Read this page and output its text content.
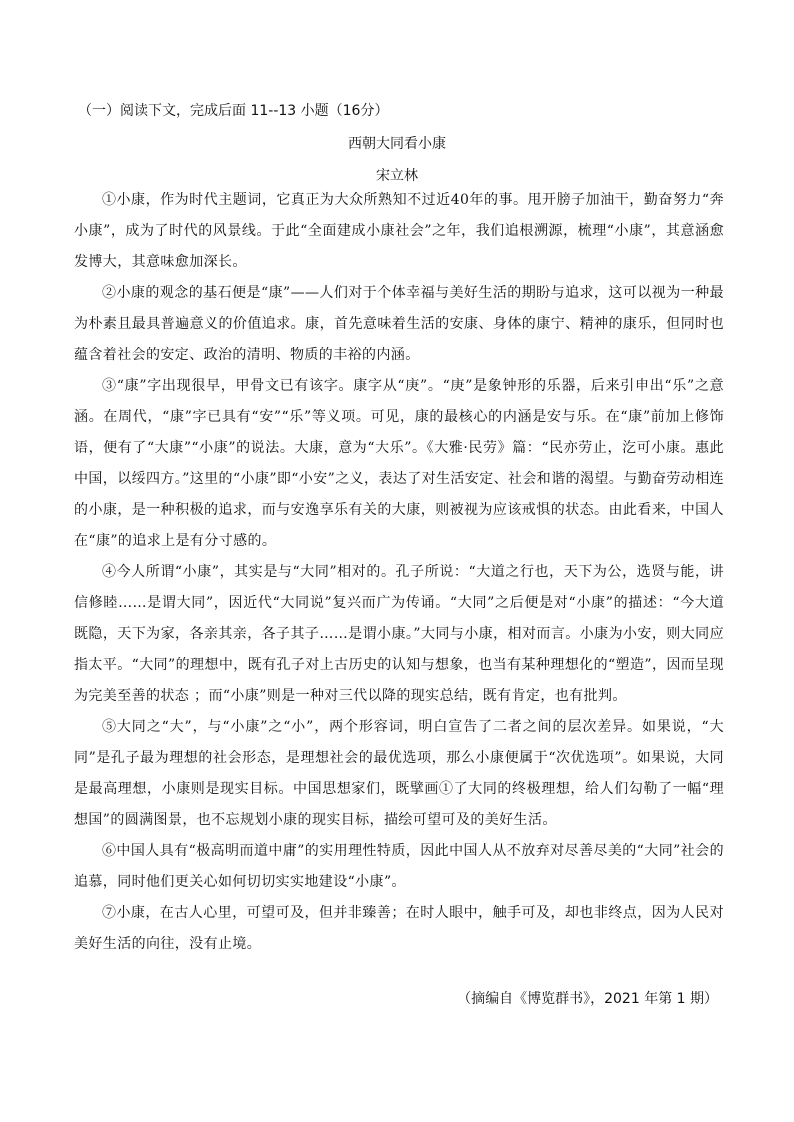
（一）阅读下文，完成后面 11--13 小题（16分）
西朝大同看小康
宋立林

①小康，作为时代主题词，它真正为大众所熟知不过近40年的事。甩开膀子加油干，勤奋努力“奔小康”，成为了时代的风景线。于此“全面建成小康社会”之年，我们追根溯源，梳理“小康”，其意涵愈发博大，其意味愈加深长。

②小康的观念的基石便是“康”——人们对于个体幸福与美好生活的期盼与追求，这可以视为一种最为朴素且最具普遍意义的价值追求。康，首先意味着生活的安康、身体的康宁、精神的康乐，但同时也蕴含着社会的安定、政治的清明、物质的丰裕的内涵。

③“康”字出现很早，甲骨文已有该字。康字从“庚”。“庚”是象钟形的乐器，后来引申出“乐”之意涵。在周代，“康”字已具有“安”“乐”等义项。可见，康的最核心的内涵是安与乐。在“康”前加上修饰语，便有了“大康”“小康”的说法。大康，意为“大乐”。《大雅·民劳》篇：“民亦劳止，汔可小康。惠此中国，以绥四方。”这里的“小康”即“小安”之义，表达了对生活安定、社会和谐的渴望。与勤奋劳动相连的小康，是一种积极的追求，而与安逸享乐有关的大康，则被视为应该戒惧的状态。由此看来，中国人在“康”的追求上是有分寸感的。

④今人所谓“小康”，其实是与“大同”相对的。孔子所说：“大道之行也，天下为公，选贤与能，讲信修睦……是谓大同”，因近代“大同说”复兴而广为传诵。“大同”之后便是对“小康”的描述：“今大道既隐，天下为家，各亲其亲，各子其子……是谓小康。”大同与小康，相对而言。小康为小安，则大同应指太平。“大同”的理想中，既有孔子对上古历史的认知与想象，也当有某种理想化的“塑造”，因而呈现为完美至善的状态 ；而“小康”则是一种对三代以降的现实总结，既有肯定，也有批判。

⑤大同之“大”，与“小康”之“小”，两个形容词，明白宣告了二者之间的层次差异。如果说，“大同”是孔子最为理想的社会形态，是理想社会的最优选项，那么小康便属于“次优选项”。如果说，大同是最高理想，小康则是现实目标。中国思想家们，既擘画①了大同的终极理想，给人们勾勒了一幅“理想国”的圆满图景，也不忘规划小康的现实目标，描绘可望可及的美好生活。

⑥中国人具有“极高明而道中庸”的实用理性特质，因此中国人从不放弃对尽善尽美的“大同”社会的追慕，同时他们更关心如何切切实实地建设“小康”。

⑦小康，在古人心里，可望可及，但并非臻善；在时人眼中，触手可及，却也非终点，因为人民对美好生活的向往，没有止境。

（摘编自《博览群书》，2021 年第 1 期）
